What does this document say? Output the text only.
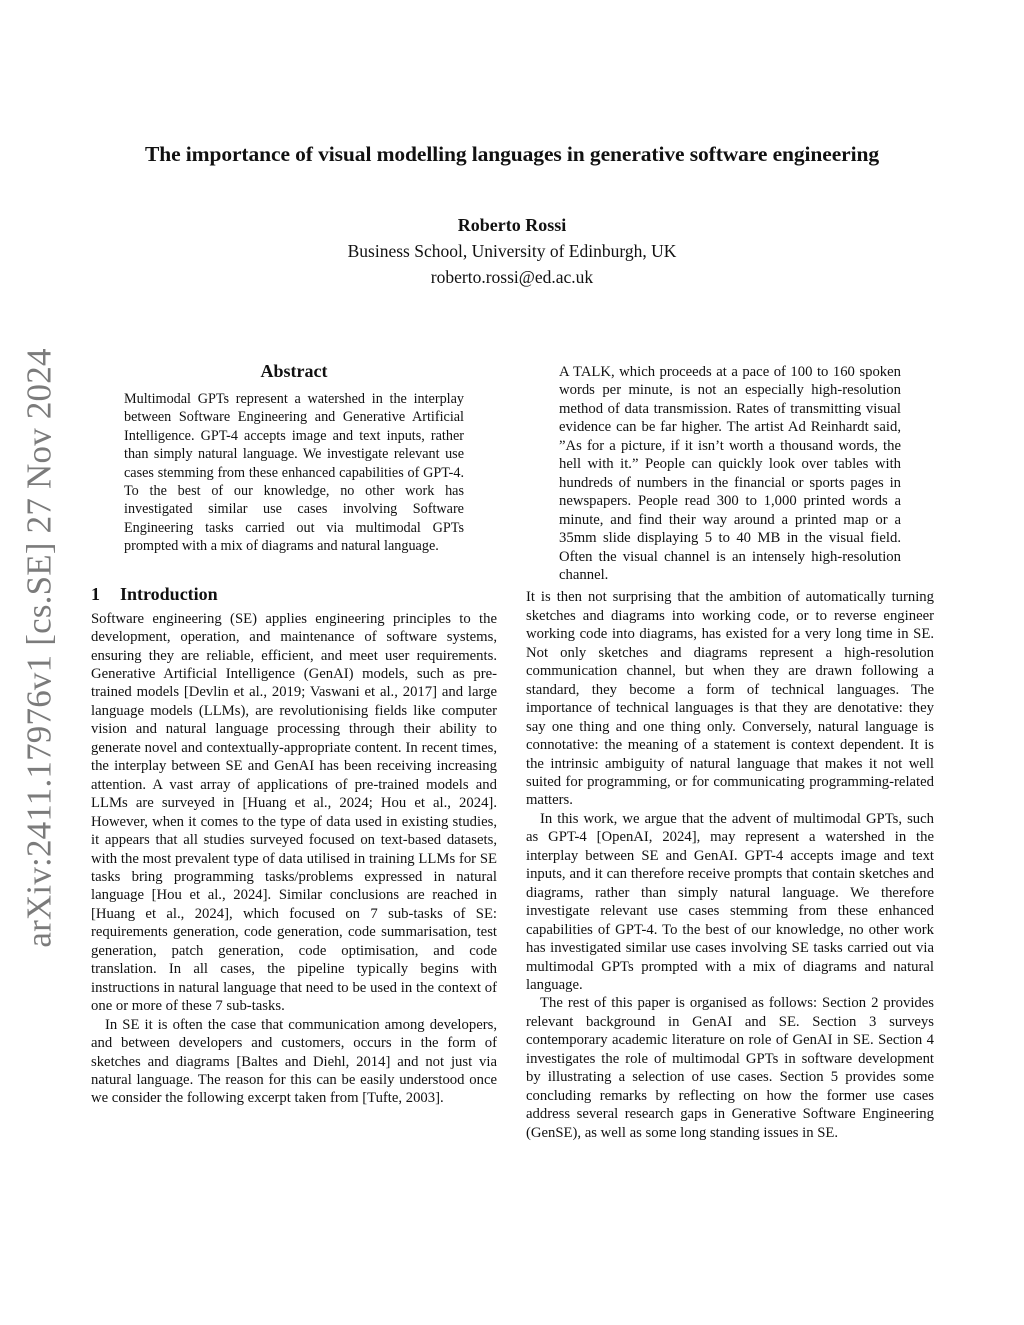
arXiv:2411.17976v1 [cs.SE] 27 Nov 2024
The importance of visual modelling languages in generative software engineering
Roberto Rossi
Business School, University of Edinburgh, UK
roberto.rossi@ed.ac.uk
Abstract

Multimodal GPTs represent a watershed in the interplay between Software Engineering and Generative Artificial Intelligence. GPT-4 accepts image and text inputs, rather than simply natural language. We investigate relevant use cases stemming from these enhanced capabilities of GPT-4. To the best of our knowledge, no other work has investigated similar use cases involving Software Engineering tasks carried out via multimodal GPTs prompted with a mix of diagrams and natural language.

1 Introduction

Software engineering (SE) applies engineering principles to the development, operation, and maintenance of software systems, ensuring they are reliable, efficient, and meet user requirements. Generative Artificial Intelligence (GenAI) models, such as pre-trained models [Devlin et al., 2019; Vaswani et al., 2017] and large language models (LLMs), are revolutionising fields like computer vision and natural language processing through their ability to generate novel and contextually-appropriate content. In recent times, the interplay between SE and GenAI has been receiving increasing attention. A vast array of applications of pre-trained models and LLMs are surveyed in [Huang et al., 2024; Hou et al., 2024]. However, when it comes to the type of data used in existing studies, it appears that all studies surveyed focused on text-based datasets, with the most prevalent type of data utilised in training LLMs for SE tasks bring programming tasks/problems expressed in natural language [Hou et al., 2024]. Similar conclusions are reached in [Huang et al., 2024], which focused on 7 sub-tasks of SE: requirements generation, code generation, code summarisation, test generation, patch generation, code optimisation, and code translation. In all cases, the pipeline typically begins with instructions in natural language that need to be used in the context of one or more of these 7 sub-tasks.

In SE it is often the case that communication among developers, and between developers and customers, occurs in the form of sketches and diagrams [Baltes and Diehl, 2014] and not just via natural language. The reason for this can be easily understood once we consider the following excerpt taken from [Tufte, 2003].

A TALK, which proceeds at a pace of 100 to 160 spoken words per minute, is not an especially high-resolution method of data transmission. Rates of transmitting visual evidence can be far higher. The artist Ad Reinhardt said, ”As for a picture, if it isn’t worth a thousand words, the hell with it.” People can quickly look over tables with hundreds of numbers in the financial or sports pages in newspapers. People read 300 to 1,000 printed words a minute, and find their way around a printed map or a 35mm slide displaying 5 to 40 MB in the visual field. Often the visual channel is an intensely high-resolution channel.

It is then not surprising that the ambition of automatically turning sketches and diagrams into working code, or to reverse engineer working code into diagrams, has existed for a very long time in SE. Not only sketches and diagrams represent a high-resolution communication channel, but when they are drawn following a standard, they become a form of technical languages. The importance of technical languages is that they are denotative: they say one thing and one thing only. Conversely, natural language is connotative: the meaning of a statement is context dependent. It is the intrinsic ambiguity of natural language that makes it not well suited for programming, or for communicating programming-related matters.

In this work, we argue that the advent of multimodal GPTs, such as GPT-4 [OpenAI, 2024], may represent a watershed in the interplay between SE and GenAI. GPT-4 accepts image and text inputs, and it can therefore receive prompts that contain sketches and diagrams, rather than simply natural language. We therefore investigate relevant use cases stemming from these enhanced capabilities of GPT-4. To the best of our knowledge, no other work has investigated similar use cases involving SE tasks carried out via multimodal GPTs prompted with a mix of diagrams and natural language.

The rest of this paper is organised as follows: Section 2 provides relevant background in GenAI and SE. Section 3 surveys contemporary academic literature on role of GenAI in SE. Section 4 investigates the role of multimodal GPTs in software development by illustrating a selection of use cases. Section 5 provides some concluding remarks by reflecting on how the former use cases address several research gaps in Generative Software Engineering (GenSE), as well as some long standing issues in SE.
